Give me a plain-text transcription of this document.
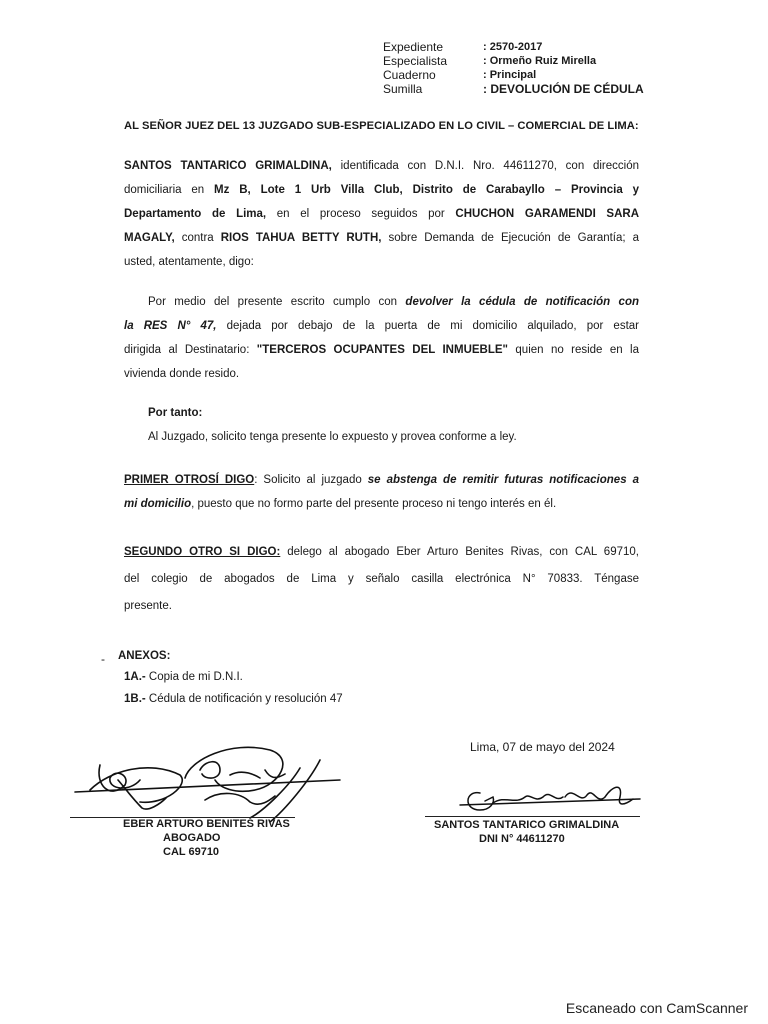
Expediente	: 2570-2017
Especialista	: Ormeño Ruiz Mirella
Cuaderno	: Principal
Sumilla	: DEVOLUCIÓN DE CÉDULA
AL SEÑOR JUEZ DEL 13 JUZGADO SUB-ESPECIALIZADO EN LO CIVIL – COMERCIAL DE LIMA:
SANTOS TANTARICO GRIMALDINA, identificada con D.N.I. Nro. 44611270, con dirección
domiciliaria en Mz B, Lote 1 Urb Villa Club, Distrito de Carabayllo – Provincia y
Departamento de Lima, en el proceso seguidos por CHUCHON GARAMENDI SARA
MAGALY, contra RIOS TAHUA BETTY RUTH, sobre Demanda de Ejecución de Garantía; a
usted, atentamente, digo:
Por medio del presente escrito cumplo con devolver la cédula de notificación con
la RES N° 47, dejada por debajo de la puerta de mi domicilio alquilado, por estar
dirigida al Destinatario: "TERCEROS OCUPANTES DEL INMUEBLE" quien no reside en la
vivienda donde resido.
Por tanto:
Al Juzgado, solicito tenga presente lo expuesto y provea conforme a ley.
PRIMER OTROSÍ DIGO: Solicito al juzgado se abstenga de remitir futuras notificaciones a
mi domicilio, puesto que no formo parte del presente proceso ni tengo interés en él.
SEGUNDO OTRO SI DIGO: delego al abogado Eber Arturo Benites Rivas, con CAL 69710,
del colegio de abogados de Lima y señalo casilla electrónica N° 70833. Téngase
presente.
- ANEXOS:
1A.- Copia de mi D.N.I.
1B.- Cédula de notificación y resolución 47
Lima, 07 de mayo del 2024
EBER ARTURO BENITES RIVAS
ABOGADO
CAL 69710
SANTOS TANTARICO GRIMALDINA
DNI N° 44611270
Escaneado con CamScanner
